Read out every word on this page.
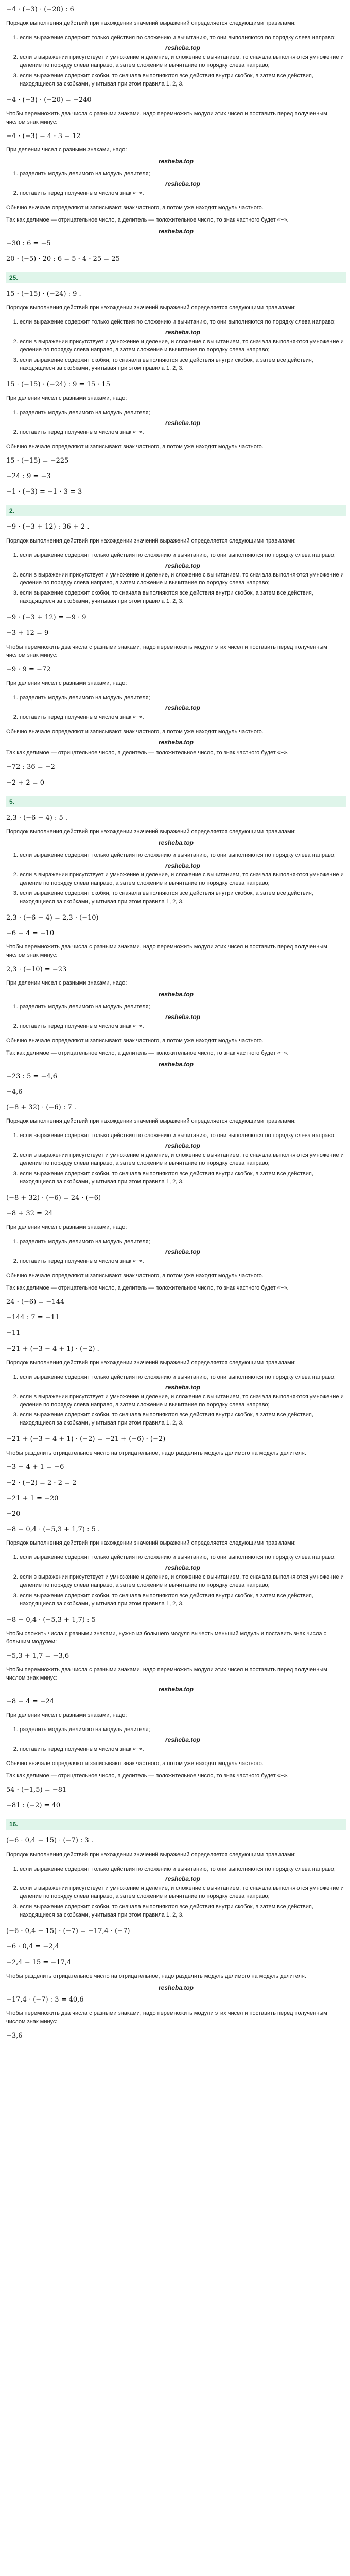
−4 · (−3) · (−20) : 6
Порядок выполнения действий при нахождении значений выражений определяется следующими правилами:
1. если выражение содержит только действия по сложению и вычитанию, то они выполняются по порядку слева направо;
resheba.top
2. если в выражении присутствует и умножение и деление, и сложение с вычитанием, то сначала выполняются умножение и деление по порядку слева направо, а затем сложение и вычитание по порядку слева направо;
3. если выражение содержит скобки, то сначала выполняются все действия внутри скобок, а затем все действия, находящиеся за скобками, учитывая при этом правила 1, 2, 3.
−4 · (−3) · (−20) = −240
Чтобы перемножить два числа с разными знаками, надо перемножить модули этих чисел и поставить перед полученным числом знак минус:
−4 · (−3) = 4 · 3 = 12
При делении чисел с разными знаками, надо:
resheba.top
1. разделить модуль делимого на модуль делителя;
resheba.top
2. поставить перед полученным числом знак «−».
Обычно вначале определяют и записывают знак частного, а потом уже находят модуль частного.
Так как делимое — отрицательное число, а делитель — положительное число, то знак частного будет «−».
resheba.top
−30 : 6 = −5
20 · (−5) · 20 : 6 = 5 · 4 · 25 = 25
25.
15 · (−15) · (−24) : 9 .
Порядок выполнения действий при нахождении значений выражений определяется следующими правилами:
1. если выражение содержит только действия по сложению и вычитанию, то они выполняются по порядку слева направо;
resheba.top
2. если в выражении присутствует и умножение и деление, и сложение с вычитанием, то сначала выполняются умножение и деление по порядку слева направо, а затем сложение и вычитание по порядку слева направо;
3. если выражение содержит скобки, то сначала выполняются все действия внутри скобок, а затем все действия, находящиеся за скобками, учитывая при этом правила 1, 2, 3.
15 · (−15) · (−24) : 9 = 15 · 15
При делении чисел с разными знаками, надо:
1. разделить модуль делимого на модуль делителя;
resheba.top
2. поставить перед полученным числом знак «−».
Обычно вначале определяют и записывают знак частного, а потом уже находят модуль частного.
15 · (−15) = −225
−24 : 9 = −3
−1 · (−3) = −1 · 3 = 3
2.
−9 · (−3 + 12) : 36 + 2 .
Порядок выполнения действий при нахождении значений выражений определяется следующими правилами:
1. если выражение содержит только действия по сложению и вычитанию, то они выполняются по порядку слева направо;
resheba.top
2. если в выражении присутствует и умножение и деление, и сложение с вычитанием, то сначала выполняются умножение и деление по порядку слева направо, а затем сложение и вычитание по порядку слева направо;
3. если выражение содержит скобки, то сначала выполняются все действия внутри скобок, а затем все действия, находящиеся за скобками, учитывая при этом правила 1, 2, 3.
−9 · (−3 + 12) = −9 · 9
−3 + 12 = 9
Чтобы перемножить два числа с разными знаками, надо перемножить модули этих чисел и поставить перед полученным числом знак минус:
−9 · 9 = −72
При делении чисел с разными знаками, надо:
1. разделить модуль делимого на модуль делителя;
resheba.top
2. поставить перед полученным числом знак «−».
Обычно вначале определяют и записывают знак частного, а потом уже находят модуль частного.
resheba.top
Так как делимое — отрицательное число, а делитель — положительное число, то знак частного будет «−».
−72 : 36 = −2
−2 + 2 = 0
5.
2,3 · (−6 − 4) : 5 .
Порядок выполнения действий при нахождении значений выражений определяется следующими правилами:
resheba.top
1. если выражение содержит только действия по сложению и вычитанию, то они выполняются по порядку слева направо;
resheba.top
2. если в выражении присутствует и умножение и деление, и сложение с вычитанием, то сначала выполняются умножение и деление по порядку слева направо, а затем сложение и вычитание по порядку слева направо;
3. если выражение содержит скобки, то сначала выполняются все действия внутри скобок, а затем все действия, находящиеся за скобками, учитывая при этом правила 1, 2, 3.
2,3 · (−6 − 4) = 2,3 · (−10)
−6 − 4 = −10
Чтобы перемножить два числа с разными знаками, надо перемножить модули этих чисел и поставить перед полученным числом знак минус:
2,3 · (−10) = −23
При делении чисел с разными знаками, надо:
resheba.top
1. разделить модуль делимого на модуль делителя;
resheba.top
2. поставить перед полученным числом знак «−».
Обычно вначале определяют и записывают знак частного, а потом уже находят модуль частного.
Так как делимое — отрицательное число, а делитель — положительное число, то знак частного будет «−».
resheba.top
−23 : 5 = −4,6
−4,6
(−8 + 32) · (−6) : 7 .
Порядок выполнения действий при нахождении значений выражений определяется следующими правилами:
1. если выражение содержит только действия по сложению и вычитанию, то они выполняются по порядку слева направо;
resheba.top
2. если в выражении присутствует и умножение и деление, и сложение с вычитанием, то сначала выполняются умножение и деление по порядку слева направо, а затем сложение и вычитание по порядку слева направо;
3. если выражение содержит скобки, то сначала выполняются все действия внутри скобок, а затем все действия, находящиеся за скобками, учитывая при этом правила 1, 2, 3.
(−8 + 32) · (−6) = 24 · (−6)
−8 + 32 = 24
При делении чисел с разными знаками, надо:
1. разделить модуль делимого на модуль делителя;
resheba.top
2. поставить перед полученным числом знак «−».
Обычно вначале определяют и записывают знак частного, а потом уже находят модуль частного.
Так как делимое — отрицательное число, а делитель — положительное число, то знак частного будет «−».
24 · (−6) = −144
−144 : 7 = −11
−11
−21 + (−3 − 4 + 1) · (−2) .
Порядок выполнения действий при нахождении значений выражений определяется следующими правилами:
1. если выражение содержит только действия по сложению и вычитанию, то они выполняются по порядку слева направо;
resheba.top
2. если в выражении присутствует и умножение и деление, и сложение с вычитанием, то сначала выполняются умножение и деление по порядку слева направо, а затем сложение и вычитание по порядку слева направо;
3. если выражение содержит скобки, то сначала выполняются все действия внутри скобок, а затем все действия, находящиеся за скобками, учитывая при этом правила 1, 2, 3.
−21 + (−3 − 4 + 1) · (−2) = −21 + (−6) · (−2)
Чтобы разделить отрицательное число на отрицательное, надо разделить модуль делимого на модуль делителя.
−3 − 4 + 1 = −6
−2 · (−2) = 2 · 2 = 2
−21 + 1 = −20
−20
−8 − 0,4 · (−5,3 + 1,7) : 5 .
Порядок выполнения действий при нахождении значений выражений определяется следующими правилами:
1. если выражение содержит только действия по сложению и вычитанию, то они выполняются по порядку слева направо;
resheba.top
2. если в выражении присутствует и умножение и деление, и сложение с вычитанием, то сначала выполняются умножение и деление по порядку слева направо, а затем сложение и вычитание по порядку слева направо;
3. если выражение содержит скобки, то сначала выполняются все действия внутри скобок, а затем все действия, находящиеся за скобками, учитывая при этом правила 1, 2, 3.
−8 − 0,4 · (−5,3 + 1,7) : 5
Чтобы сложить числа с разными знаками, нужно из большего модуля вычесть меньший модуль и поставить знак числа с большим модулем:
−5,3 + 1,7 = −3,6
Чтобы перемножить два числа с разными знаками, надо перемножить модули этих чисел и поставить перед полученным числом знак минус:
resheba.top
−8 − 4 = −24
При делении чисел с разными знаками, надо:
1. разделить модуль делимого на модуль делителя;
resheba.top
2. поставить перед полученным числом знак «−».
Обычно вначале определяют и записывают знак частного, а потом уже находят модуль частного.
Так как делимое — отрицательное число, а делитель — положительное число, то знак частного будет «−».
54 · (−1,5) = −81
−81 : (−2) = 40
16.
(−6 · 0,4 − 15) · (−7) : 3 .
Порядок выполнения действий при нахождении значений выражений определяется следующими правилами:
1. если выражение содержит только действия по сложению и вычитанию, то они выполняются по порядку слева направо;
resheba.top
2. если в выражении присутствует и умножение и деление, и сложение с вычитанием, то сначала выполняются умножение и деление по порядку слева направо, а затем сложение и вычитание по порядку слева направо;
3. если выражение содержит скобки, то сначала выполняются все действия внутри скобок, а затем все действия, находящиеся за скобками, учитывая при этом правила 1, 2, 3.
(−6 · 0,4 − 15) · (−7) = −17,4 · (−7)
−6 · 0,4 = −2,4
−2,4 − 15 = −17,4
Чтобы разделить отрицательное число на отрицательное, надо разделить модуль делимого на модуль делителя.
resheba.top
−17,4 · (−7) : 3 = 40,6
Чтобы перемножить два числа с разными знаками, надо перемножить модули этих чисел и поставить перед полученным числом знак минус:
−3,6
